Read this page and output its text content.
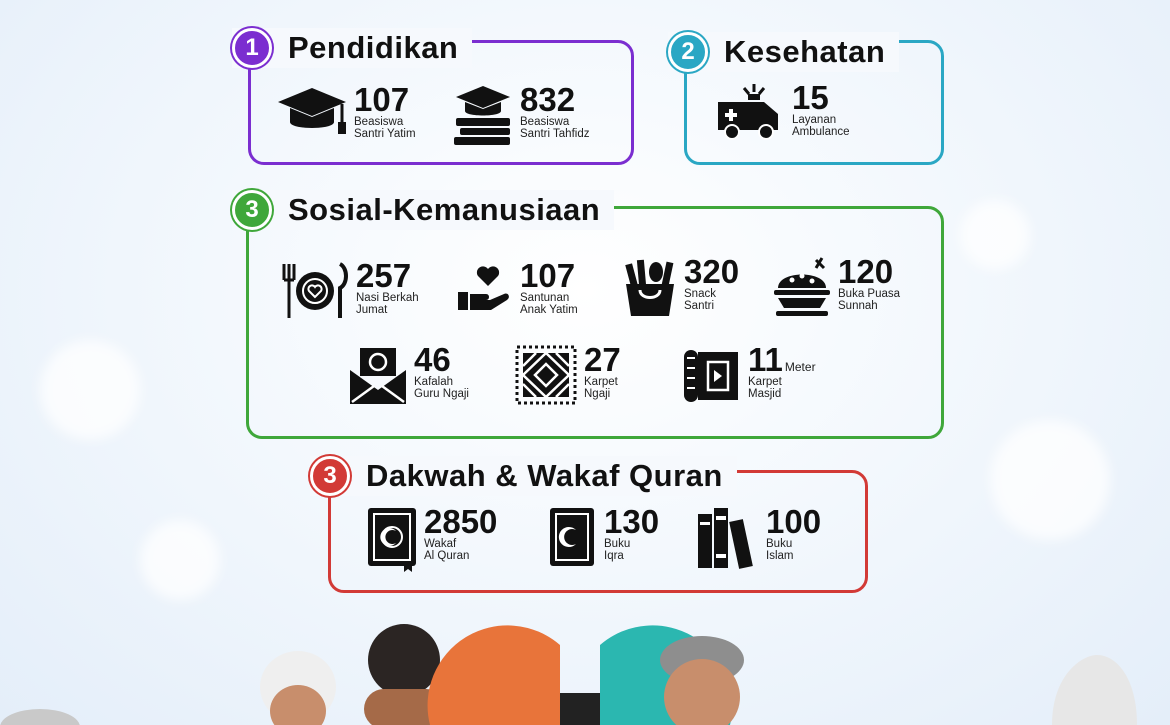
1 Pendidikan
107
Beasiswa
Santri Yatim
832
Beasiswa
Santri Tahfidz
2 Kesehatan
15
Layanan
Ambulance
3 Sosial-Kemanusiaan
257
Nasi Berkah
Jumat
107
Santunan
Anak Yatim
320
Snack
Santri
120
Buka Puasa
Sunnah
46
Kafalah
Guru Ngaji
27
Karpet
Ngaji
11 Meter
Karpet
Masjid
3 Dakwah & Wakaf Quran
2850
Wakaf
Al Quran
130
Buku
Iqra
100
Buku
Islam
